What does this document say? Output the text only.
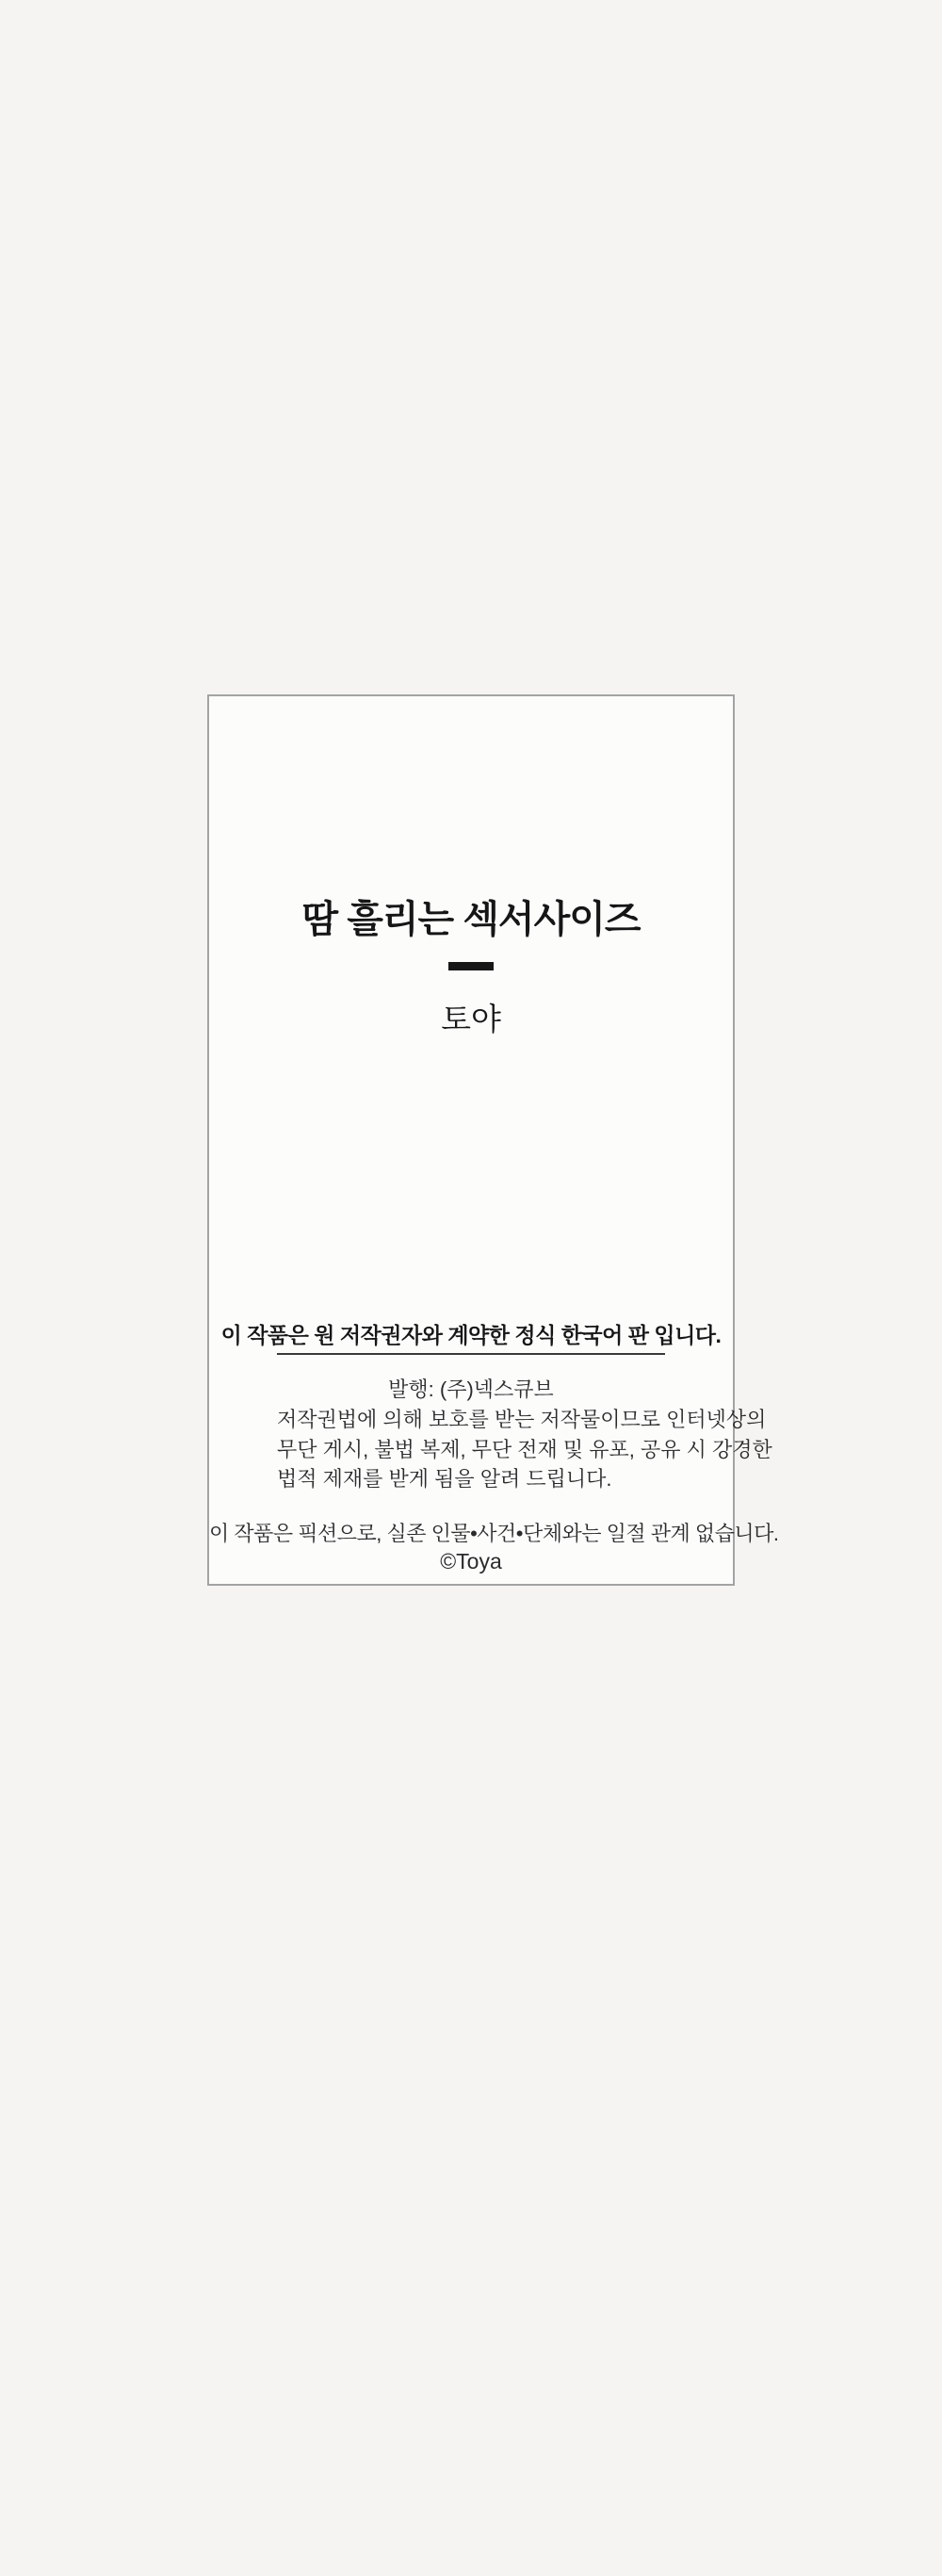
땀 흘리는 섹서사이즈
토야
이 작품은 원 저작권자와 계약한 정식 한국어 판 입니다.
발행: (주)넥스큐브
저작권법에 의해 보호를 받는 저작물이므로 인터넷상의
무단 게시, 불법 복제, 무단 전재 및 유포, 공유 시 강경한
법적 제재를 받게 됨을 알려 드립니다.
이 작품은 픽션으로, 실존 인물•사건•단체와는 일절 관계 없습니다.
©Toya
